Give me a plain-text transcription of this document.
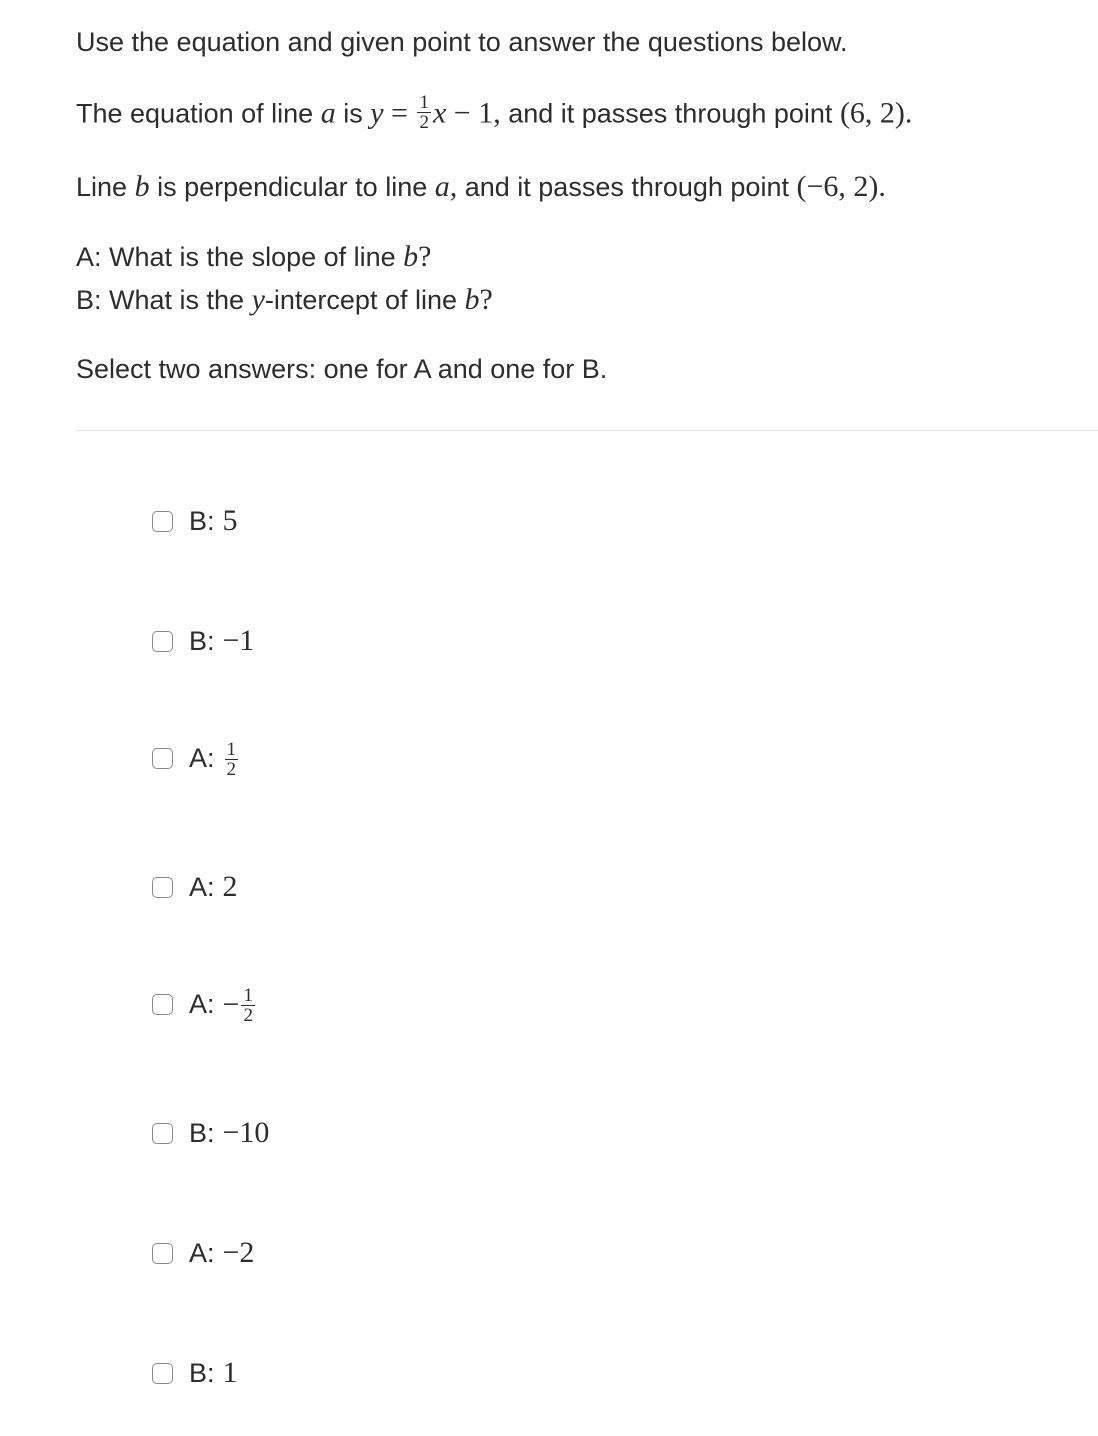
Use the equation and given point to answer the questions below.
The equation of line a is $y = \frac{1}{2}$ x − 1, and it passes through point (6, 2).
Line b is perpendicular to line a, and it passes through point (−6, 2).
A: What is the slope of line b?
B: What is the y-intercept of line b?
Select two answers: one for A and one for B.
B: 5
B: −1
A: $\frac{1}{2}$
A: 2
A: − $\frac{1}{2}$
B: −10
A: −2
B: 1
